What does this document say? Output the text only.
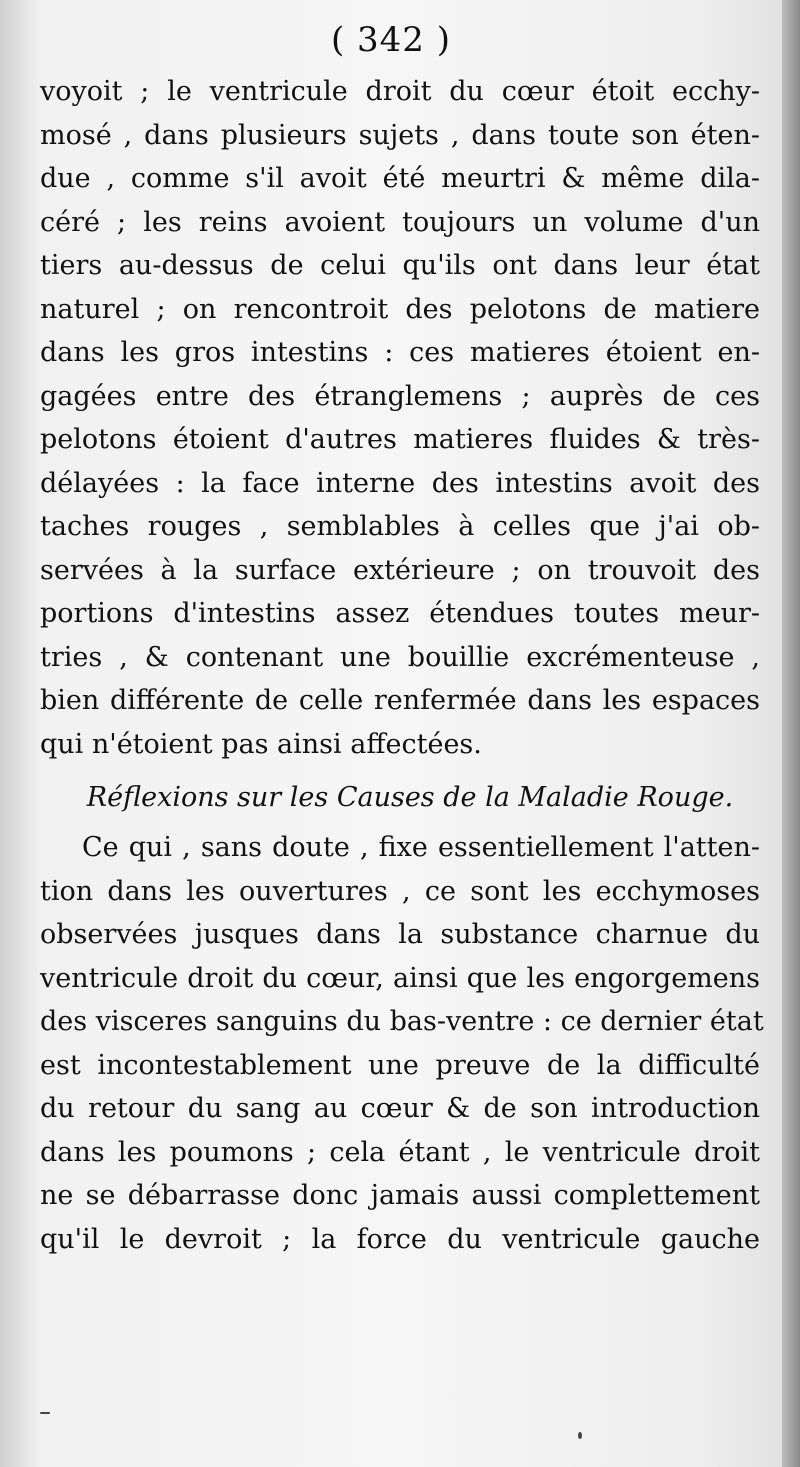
( 342 )
voyoit ; le ventricule droit du cœur étoit ecchy-
mosé , dans plusieurs sujets , dans toute son éten-
due , comme s'il avoit été meurtri & même dila-
céré ; les reins avoient toujours un volume d'un
tiers au-dessus de celui qu'ils ont dans leur état
naturel ; on rencontroit des pelotons de matiere
dans les gros intestins : ces matieres étoient en-
gagées entre des étranglemens ; auprès de ces
pelotons étoient d'autres matieres fluides & très-
délayées : la face interne des intestins avoit des
taches rouges , semblables à celles que j'ai ob-
servées à la surface extérieure ; on trouvoit des
portions d'intestins assez étendues toutes meur-
tries , & contenant une bouillie excrémenteuse ,
bien différente de celle renfermée dans les espaces
qui n'étoient pas ainsi affectées.
Réflexions sur les Causes de la Maladie Rouge.
Ce qui , sans doute , fixe essentiellement l'atten-
tion dans les ouvertures , ce sont les ecchymoses
observées jusques dans la substance charnue du
ventricule droit du cœur, ainsi que les engorgemens
des visceres sanguins du bas-ventre : ce dernier état
est incontestablement une preuve de la difficulté
du retour du sang au cœur & de son introduction
dans les poumons ; cela étant , le ventricule droit
ne se débarrasse donc jamais aussi complettement
qu'il le devroit ; la force du ventricule gauche
